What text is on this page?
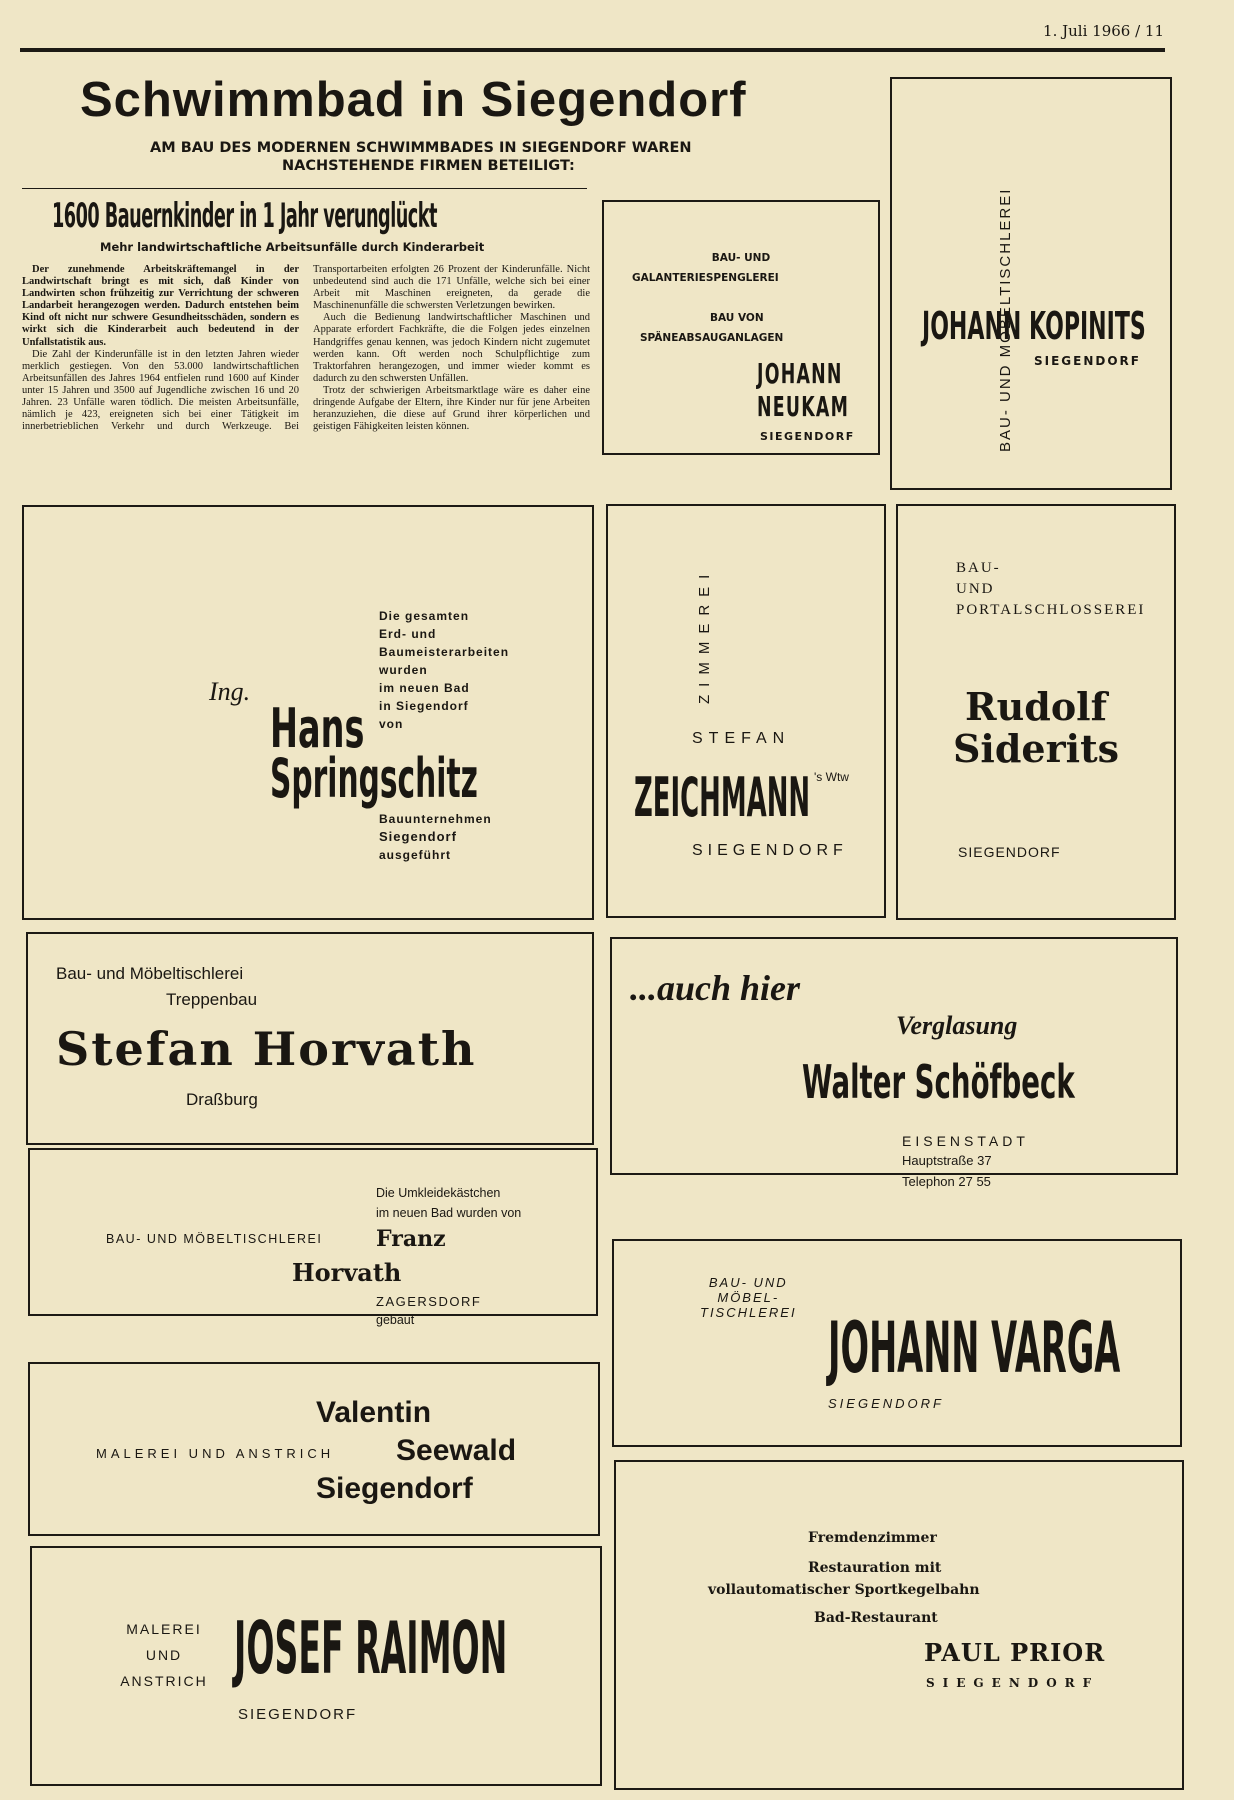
1. Juli 1966 / 11
Schwimmbad in Siegendorf
AM BAU DES MODERNEN SCHWIMMBADES IN SIEGENDORF WAREN
NACHSTEHENDE FIRMEN BETEILIGT:
1600 Bauernkinder in 1 Jahr verunglückt
Mehr landwirtschaftliche Arbeitsunfälle durch Kinderarbeit

Der zunehmende Arbeitskräftemangel in der Landwirtschaft bringt es mit sich, daß Kinder von Landwirten schon frühzeitig zur Verrichtung der schweren Landarbeit herangezogen werden. Dadurch entstehen beim Kind oft nicht nur schwere Gesundheitsschäden, sondern es wirkt sich die Kinderarbeit auch bedeutend in der Unfallstatistik aus.

Die Zahl der Kinderunfälle ist in den letzten Jahren wieder merklich gestiegen. Von den 53.000 landwirtschaftlichen Arbeitsunfällen des Jahres 1964 entfielen rund 1600 auf Kinder unter 15 Jahren und 3500 auf Jugendliche zwischen 16 und 20 Jahren. 23 Unfälle waren tödlich. Die meisten Arbeitsunfälle, nämlich je 423, ereigneten sich bei einer Tätigkeit im innerbetrieblichen Verkehr und durch Werkzeuge. Bei Transportarbeiten erfolgten 26 Prozent der Kinderunfälle. Nicht unbedeutend sind auch die 171 Unfälle, welche sich bei einer Arbeit mit Maschinen ereigneten, da gerade die Maschinenunfälle die schwersten Verletzungen bewirken.

Auch die Bedienung landwirtschaftlicher Maschinen und Apparate erfordert Fachkräfte, die die Folgen jedes einzelnen Handgriffes genau kennen, was jedoch Kindern nicht zugemutet werden kann. Oft werden noch Schulpflichtige zum Traktorfahren herangezogen, und immer wieder kommt es dadurch zu den schwersten Unfällen.

Trotz der schwierigen Arbeitsmarktlage wäre es daher eine dringende Aufgabe der Eltern, ihre Kinder nur für jene Arbeiten heranzuziehen, die diese auf Grund ihrer körperlichen und geistigen Fähigkeiten leisten können.

BAU- UND
GALANTERIESPENGLEREI
BAU VON
SPÄNEABSAUGANLAGEN
JOHANN
NEUKAM
SIEGENDORF	BAU- UND MÖBELTISCHLEREI
JOHANN KOPINITS
SIEGENDORF
Ing.
Hans
Springschitz
Die gesamten
Erd- und
Baumeisterarbeiten
wurden
im neuen Bad
in Siegendorf
von
Bauunternehmen
Siegendorf
ausgeführt
ZIMMEREI
STEFAN
ZEICHMANN 's Wtw
SIEGENDORF
BAU-
UND
PORTALSCHLOSSEREI
Rudolf
Siderits
SIEGENDORF
Bau- und Möbeltischlerei
Treppenbau
Stefan Horvath
Draßburg
...auch hier
Verglasung
Walter Schöfbeck
EISENSTADT
Hauptstraße 37
Telephon 27 55
Die Umkleidekästchen
im neuen Bad wurden von
BAU- UND MÖBELTISCHLEREI Franz
Horvath
ZAGERSDORF
gebaut
BAU- UND
MÖBEL-
TISCHLEREI JOHANN VARGA
SIEGENDORF
MALEREI UND ANSTRICH
Valentin
Seewald
Siegendorf
Fremdenzimmer
Restauration mit
vollautomatischer Sportkegelbahn
Bad-Restaurant
PAUL PRIOR
SIEGENDORF
MALEREI
UND
ANSTRICH JOSEF RAIMON
SIEGENDORF
